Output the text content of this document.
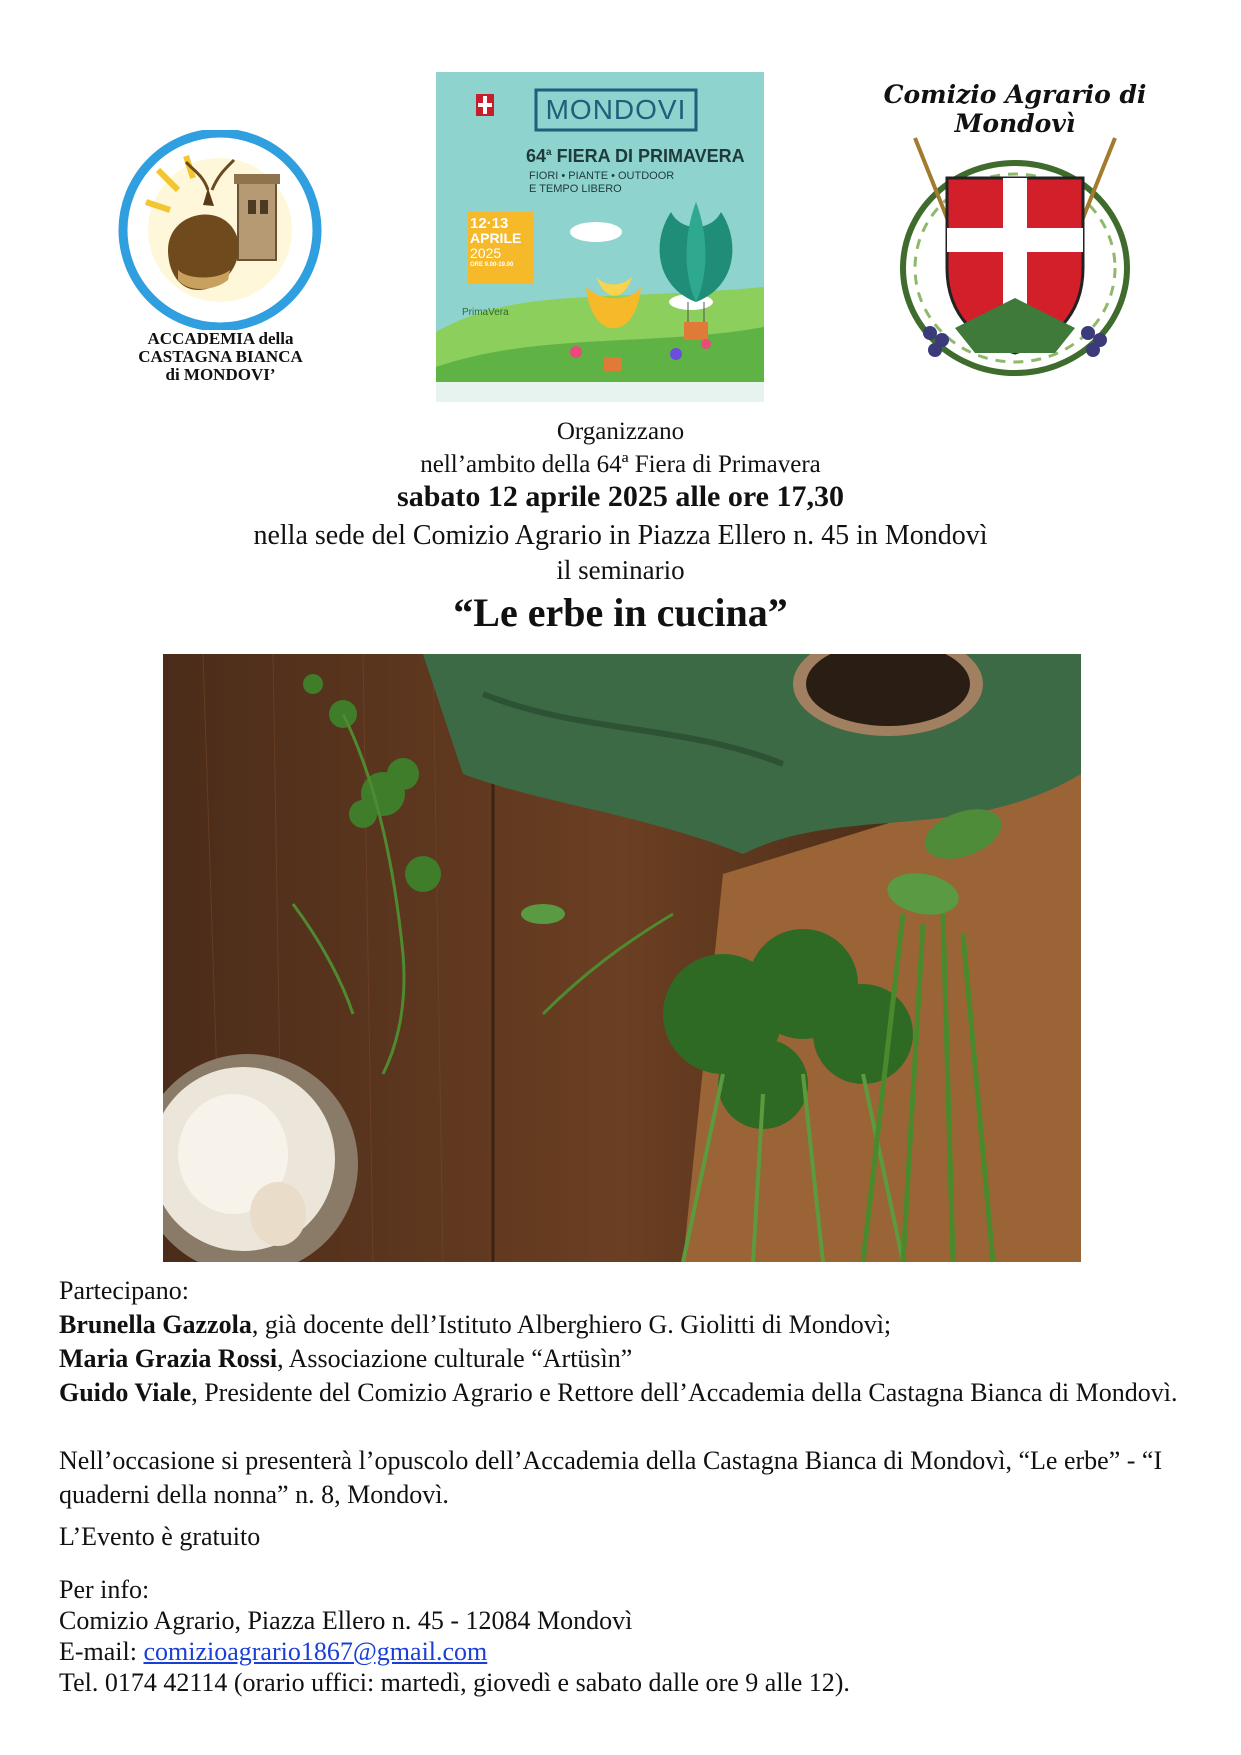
ACCADEMIA della
CASTAGNA BIANCA
di MONDOVI’
MONDOVI
64$^a$ FIERA DI PRIMAVERA
FIORI • PIANTE • OUTDOOR
E TEMPO LIBERO
12·13
APRILE
2025
ORE 9.00-19.00
PrimaVera
Comizio Agrario di Mondovì
Organizzano
nell’ambito della 64ª Fiera di Primavera
sabato 12 aprile 2025 alle ore 17,30
nella sede del Comizio Agrario in Piazza Ellero n. 45 in Mondovì
il seminario
“Le erbe in cucina”
Partecipano:
Brunella Gazzola, già docente dell’Istituto Alberghiero G. Giolitti di Mondovì;
Maria Grazia Rossi, Associazione culturale “Artüsìn”
Guido Viale, Presidente del Comizio Agrario e Rettore dell’Accademia della Castagna Bianca di Mondovì.
Nell’occasione si presenterà l’opuscolo dell’Accademia della Castagna Bianca di Mondovì, “Le erbe” - “I quaderni della nonna” n. 8, Mondovì.
L’Evento è gratuito
Per info:
Comizio Agrario, Piazza Ellero n. 45 - 12084 Mondovì
E-mail: comizioagrario1867@gmail.com
Tel. 0174 42114 (orario uffici: martedì, giovedì e sabato dalle ore 9 alle 12).
